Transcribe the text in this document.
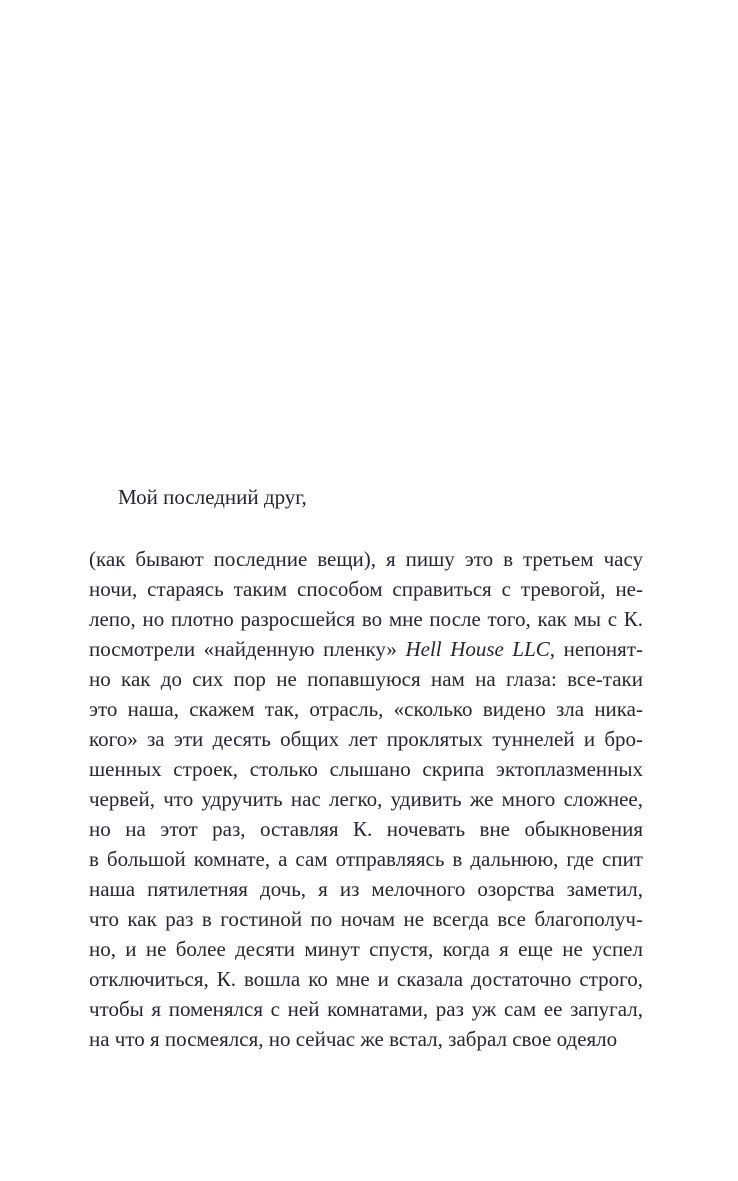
Мой последний друг,
(как бывают последние вещи), я пишу это в третьем часу
ночи, стараясь таким способом справиться с тревогой, не-
лепо, но плотно разросшейся во мне после того, как мы с К.
посмотрели «найденную пленку» Hell House LLC, непонят-
но как до сих пор не попавшуюся нам на глаза: все-таки
это наша, скажем так, отрасль, «сколько видено зла ника-
кого» за эти десять общих лет проклятых туннелей и бро-
шенных строек, столько слышано скрипа эктоплазменных
червей, что удручить нас легко, удивить же много сложнее,
но на этот раз, оставляя К. ночевать вне обыкновения
в большой комнате, а сам отправляясь в дальнюю, где спит
наша пятилетняя дочь, я из мелочного озорства заметил,
что как раз в гостиной по ночам не всегда все благополуч-
но, и не более десяти минут спустя, когда я еще не успел
отключиться, К. вошла ко мне и сказала достаточно строго,
чтобы я поменялся с ней комнатами, раз уж сам ее запугал,
на что я посмеялся, но сейчас же встал, забрал свое одеяло
